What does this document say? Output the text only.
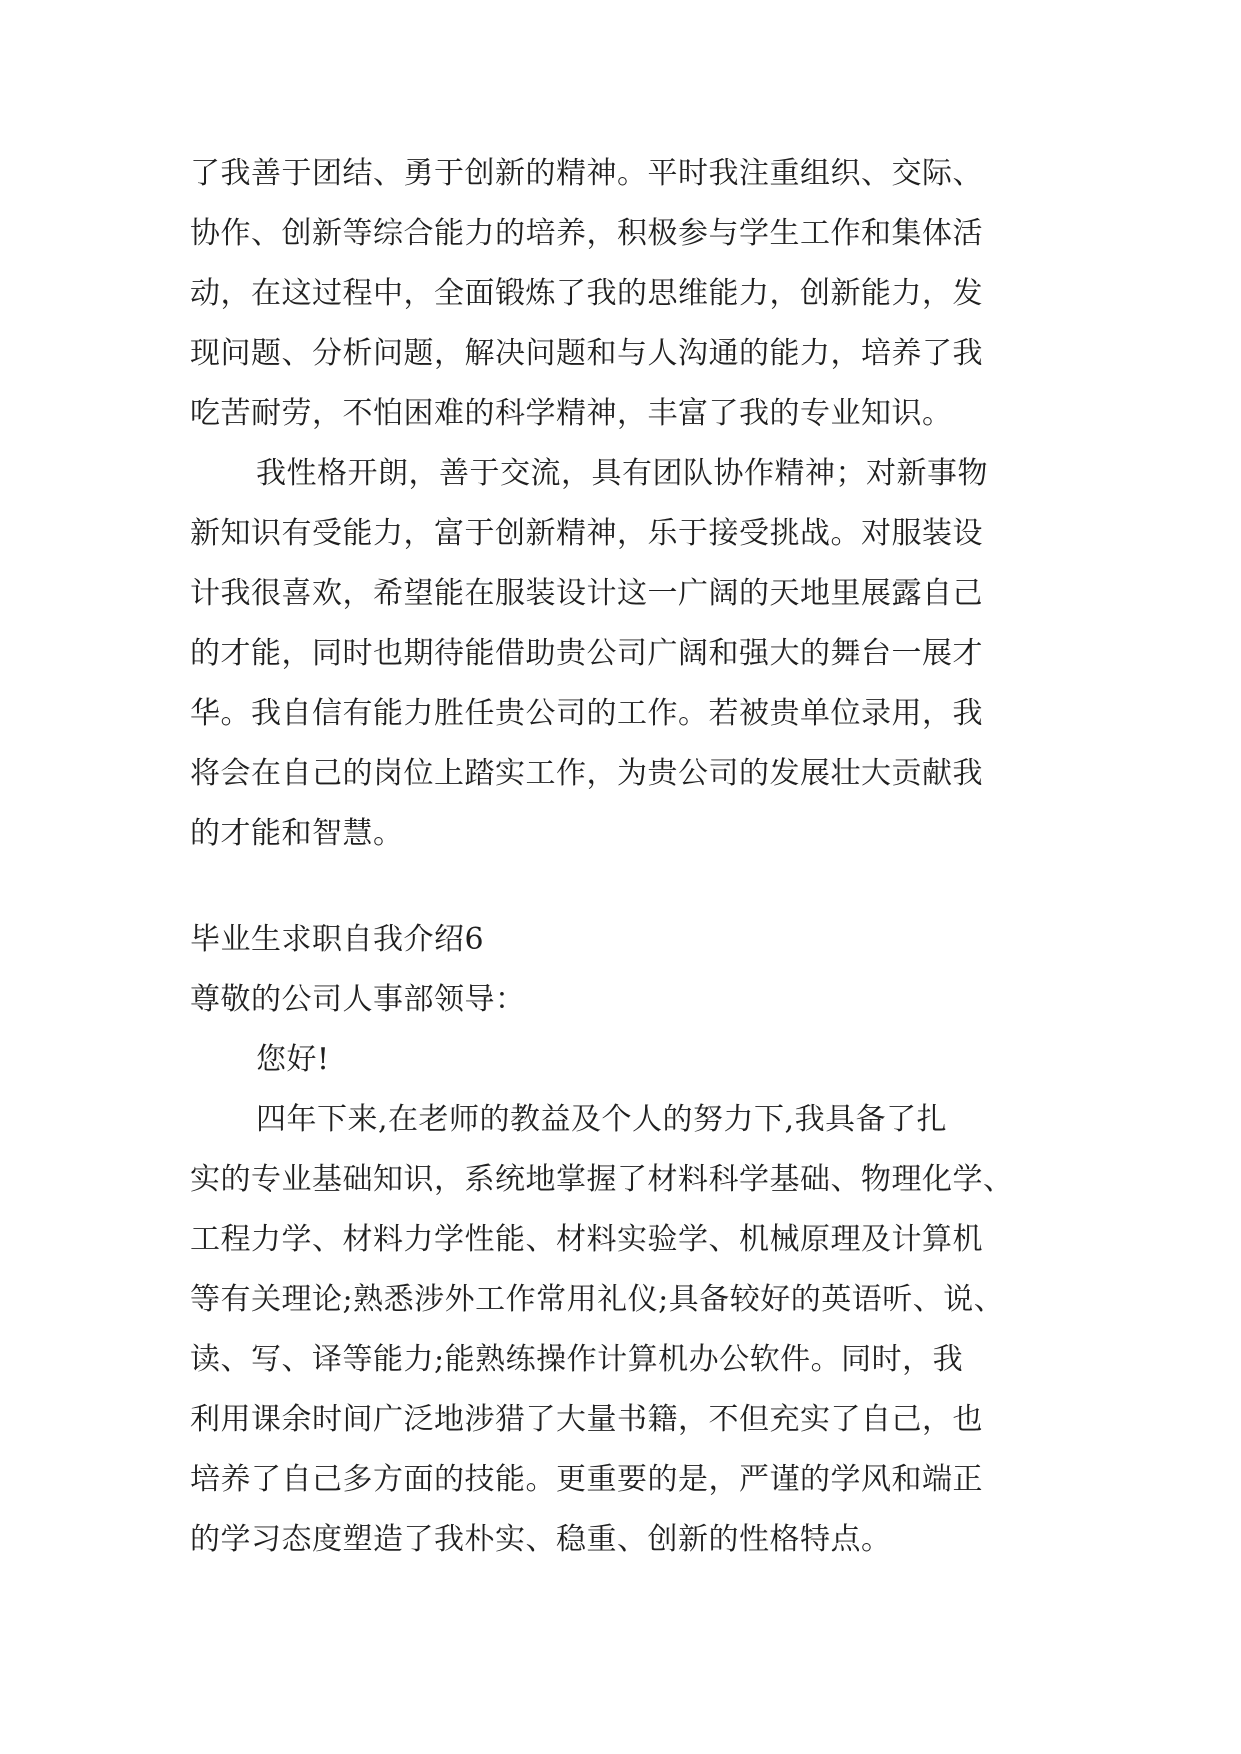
了我善于团结、勇于创新的精神。平时我注重组织、交际、
协作、创新等综合能力的培养，积极参与学生工作和集体活
动，在这过程中，全面锻炼了我的思维能力，创新能力，发
现问题、分析问题，解决问题和与人沟通的能力，培养了我
吃苦耐劳，不怕困难的科学精神，丰富了我的专业知识。
我性格开朗，善于交流，具有团队协作精神；对新事物
新知识有受能力，富于创新精神，乐于接受挑战。对服装设
计我很喜欢，希望能在服装设计这一广阔的天地里展露自己
的才能，同时也期待能借助贵公司广阔和强大的舞台一展才
华。我自信有能力胜任贵公司的工作。若被贵单位录用，我
将会在自己的岗位上踏实工作，为贵公司的发展壮大贡献我
的才能和智慧。
毕业生求职自我介绍6
尊敬的公司人事部领导：
您好!
四年下来,在老师的教益及个人的努力下,我具备了扎
实的专业基础知识，系统地掌握了材料科学基础、物理化学、
工程力学、材料力学性能、材料实验学、机械原理及计算机
等有关理论;熟悉涉外工作常用礼仪;具备较好的英语听、说、
读、写、译等能力;能熟练操作计算机办公软件。同时，我
利用课余时间广泛地涉猎了大量书籍，不但充实了自己，也
培养了自己多方面的技能。更重要的是，严谨的学风和端正
的学习态度塑造了我朴实、稳重、创新的性格特点。
